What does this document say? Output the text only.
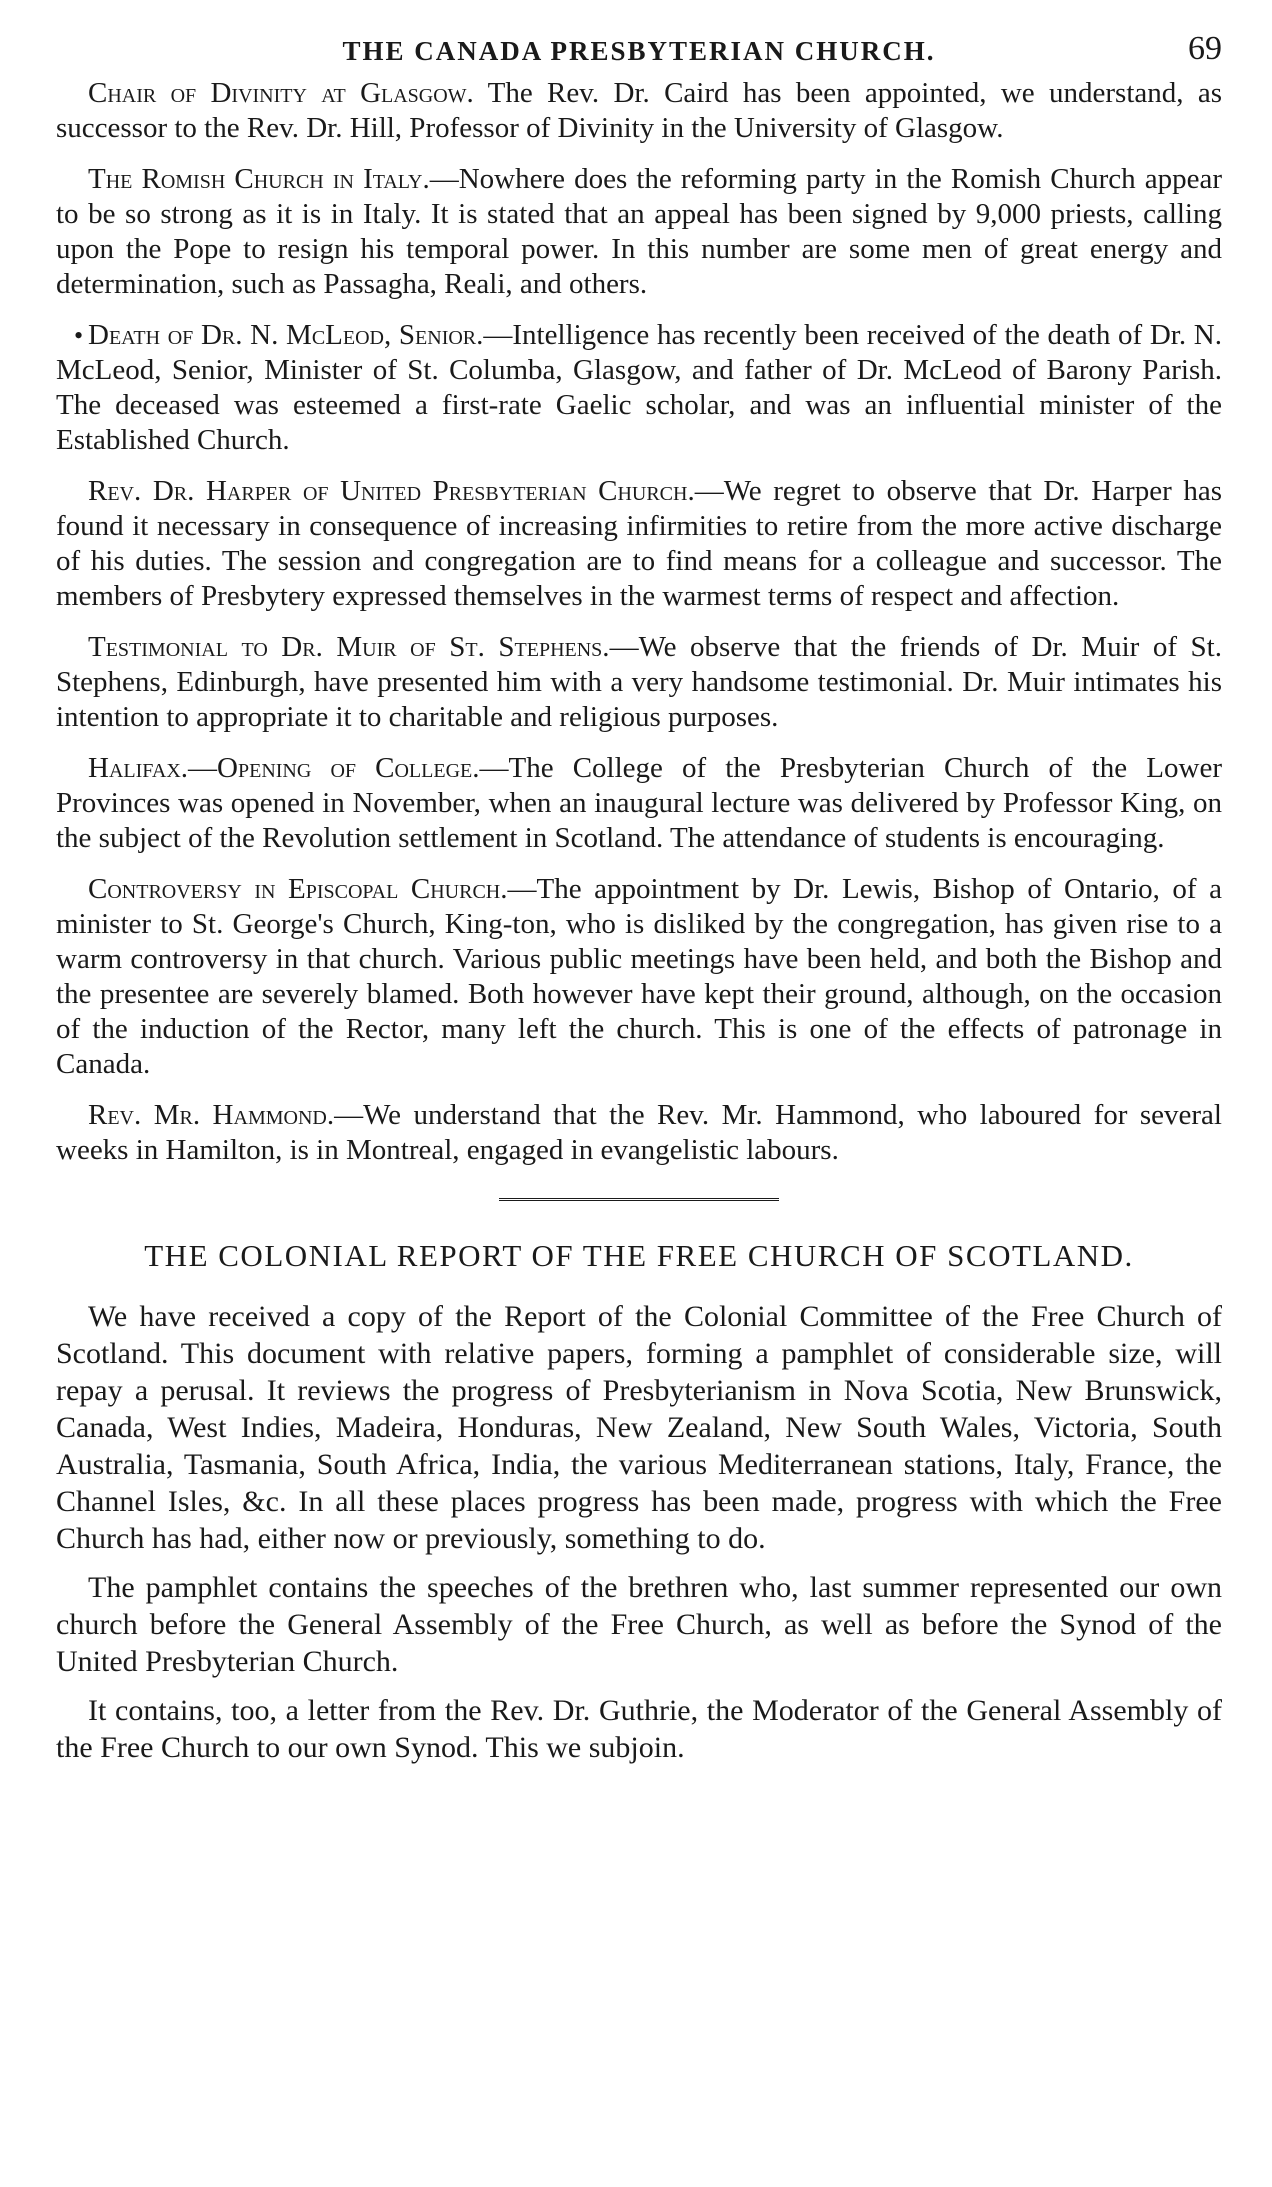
THE CANADA PRESBYTERIAN CHURCH.	69

Chair of Divinity at Glasgow. The Rev. Dr. Caird has been appointed, we understand, as successor to the Rev. Dr. Hill, Professor of Divinity in the University of Glasgow.

The Romish Church in Italy.—Nowhere does the reforming party in the Romish Church appear to be so strong as it is in Italy. It is stated that an appeal has been signed by 9,000 priests, calling upon the Pope to resign his temporal power. In this number are some men of great energy and determination, such as Passagha, Reali, and others.

• Death of Dr. N. McLeod, Senior.—Intelligence has recently been received of the death of Dr. N. McLeod, Senior, Minister of St. Columba, Glasgow, and father of Dr. McLeod of Barony Parish. The deceased was esteemed a first-rate Gaelic scholar, and was an influential minister of the Established Church.

Rev. Dr. Harper of United Presbyterian Church.—We regret to observe that Dr. Harper has found it necessary in consequence of increasing infirmities to retire from the more active discharge of his duties. The session and congregation are to find means for a colleague and successor. The members of Presbytery expressed themselves in the warmest terms of respect and affection.

Testimonial to Dr. Muir of St. Stephens.—We observe that the friends of Dr. Muir of St. Stephens, Edinburgh, have presented him with a very handsome testimonial. Dr. Muir intimates his intention to appropriate it to charitable and religious purposes.

Halifax.—Opening of College.—The College of the Presbyterian Church of the Lower Provinces was opened in November, when an inaugural lecture was delivered by Professor King, on the subject of the Revolution settlement in Scotland. The attendance of students is encouraging.

Controversy in Episcopal Church.—The appointment by Dr. Lewis, Bishop of Ontario, of a minister to St. George's Church, King-ton, who is disliked by the congregation, has given rise to a warm controversy in that church. Various public meetings have been held, and both the Bishop and the presentee are severely blamed. Both however have kept their ground, although, on the occasion of the induction of the Rector, many left the church. This is one of the effects of patronage in Canada.

Rev. Mr. Hammond.—We understand that the Rev. Mr. Hammond, who laboured for several weeks in Hamilton, is in Montreal, engaged in evangelistic labours.

THE COLONIAL REPORT OF THE FREE CHURCH OF SCOTLAND.

We have received a copy of the Report of the Colonial Committee of the Free Church of Scotland. This document with relative papers, forming a pamphlet of considerable size, will repay a perusal. It reviews the progress of Presbyterianism in Nova Scotia, New Brunswick, Canada, West Indies, Madeira, Honduras, New Zealand, New South Wales, Victoria, South Australia, Tasmania, South Africa, India, the various Mediterranean stations, Italy, France, the Channel Isles, &c. In all these places progress has been made, progress with which the Free Church has had, either now or previously, something to do.

The pamphlet contains the speeches of the brethren who, last summer represented our own church before the General Assembly of the Free Church, as well as before the Synod of the United Presbyterian Church.

It contains, too, a letter from the Rev. Dr. Guthrie, the Moderator of the General Assembly of the Free Church to our own Synod. This we subjoin.
